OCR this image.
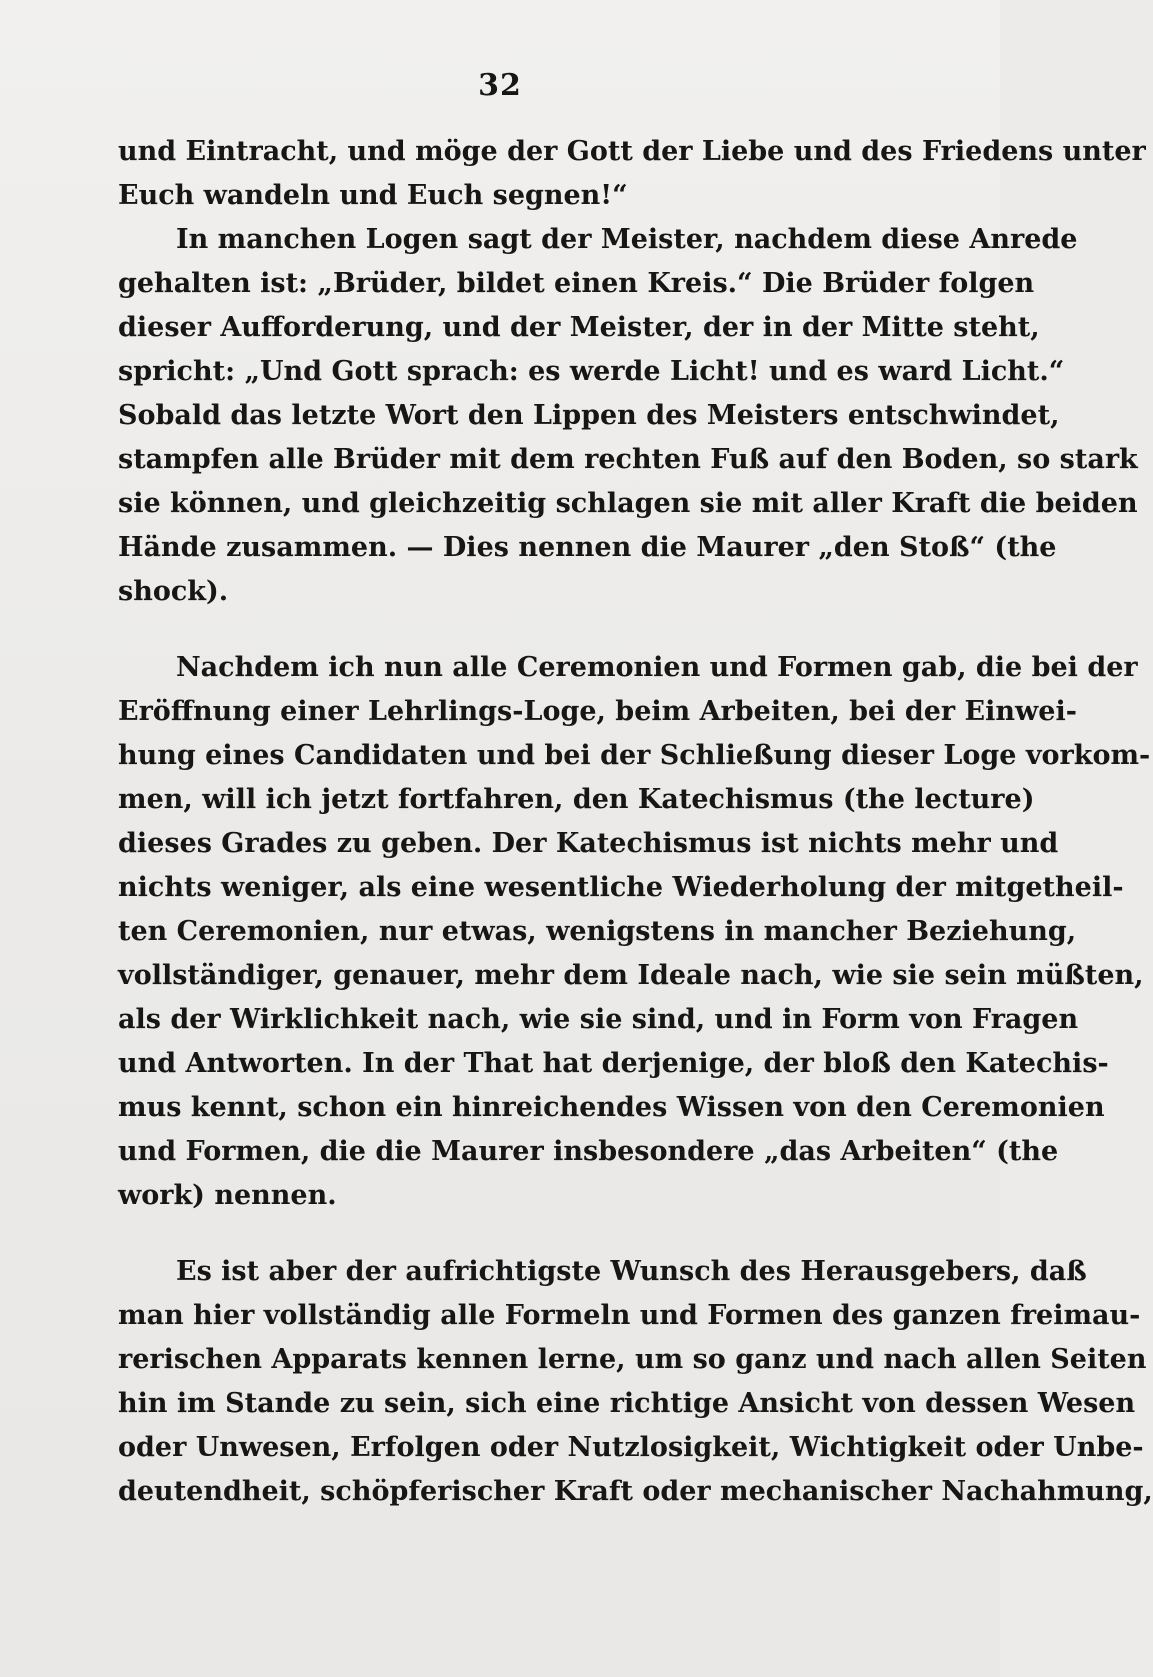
32
und Eintracht, und möge der Gott der Liebe und des Friedens unter
Euch wandeln und Euch segnen!“
In manchen Logen sagt der Meister, nachdem diese Anrede
gehalten ist: „Brüder, bildet einen Kreis.“ Die Brüder folgen
dieser Aufforderung, und der Meister, der in der Mitte steht,
spricht: „Und Gott sprach: es werde Licht! und es ward Licht.“
Sobald das letzte Wort den Lippen des Meisters entschwindet,
stampfen alle Brüder mit dem rechten Fuß auf den Boden, so stark
sie können, und gleichzeitig schlagen sie mit aller Kraft die beiden
Hände zusammen. — Dies nennen die Maurer „den Stoß“ (the
shock).
Nachdem ich nun alle Ceremonien und Formen gab, die bei der
Eröffnung einer Lehrlings-Loge, beim Arbeiten, bei der Einwei-
hung eines Candidaten und bei der Schließung dieser Loge vorkom-
men, will ich jetzt fortfahren, den Katechismus (the lecture)
dieses Grades zu geben. Der Katechismus ist nichts mehr und
nichts weniger, als eine wesentliche Wiederholung der mitgetheil-
ten Ceremonien, nur etwas, wenigstens in mancher Beziehung,
vollständiger, genauer, mehr dem Ideale nach, wie sie sein müßten,
als der Wirklichkeit nach, wie sie sind, und in Form von Fragen
und Antworten. In der That hat derjenige, der bloß den Katechis-
mus kennt, schon ein hinreichendes Wissen von den Ceremonien
und Formen, die die Maurer insbesondere „das Arbeiten“ (the
work) nennen.
Es ist aber der aufrichtigste Wunsch des Herausgebers, daß
man hier vollständig alle Formeln und Formen des ganzen freimau-
rerischen Apparats kennen lerne, um so ganz und nach allen Seiten
hin im Stande zu sein, sich eine richtige Ansicht von dessen Wesen
oder Unwesen, Erfolgen oder Nutzlosigkeit, Wichtigkeit oder Unbe-
deutendheit, schöpferischer Kraft oder mechanischer Nachahmung,
